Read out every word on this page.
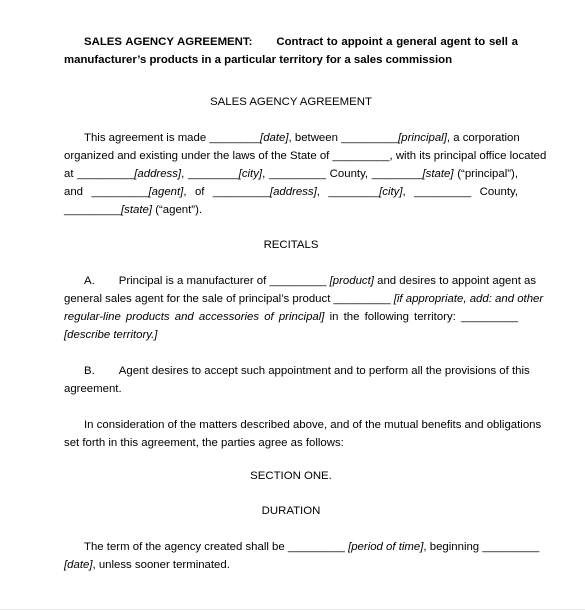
SALES AGENCY AGREEMENT: Contract to appoint a general agent to sell a
manufacturer’s products in a particular territory for a sales commission
SALES AGENCY AGREEMENT
This agreement is made ________[date], between _________[principal], a corporation
organized and existing under the laws of the State of _________, with its principal office located
at _________[address], ________[city], _________ County, ________[state] (“principal”),
and _________[agent], of _________[address], ________[city], _________ County,
_________[state] (“agent”).
RECITALS
A. Principal is a manufacturer of _________ [product] and desires to appoint agent as
general sales agent for the sale of principal’s product _________ [if appropriate, add: and other
regular-line products and accessories of principal] in the following territory: _________
[describe territory.]
B. Agent desires to accept such appointment and to perform all the provisions of this
agreement.
In consideration of the matters described above, and of the mutual benefits and obligations
set forth in this agreement, the parties agree as follows:
SECTION ONE.
DURATION
The term of the agency created shall be _________ [period of time], beginning _________
[date], unless sooner terminated.
